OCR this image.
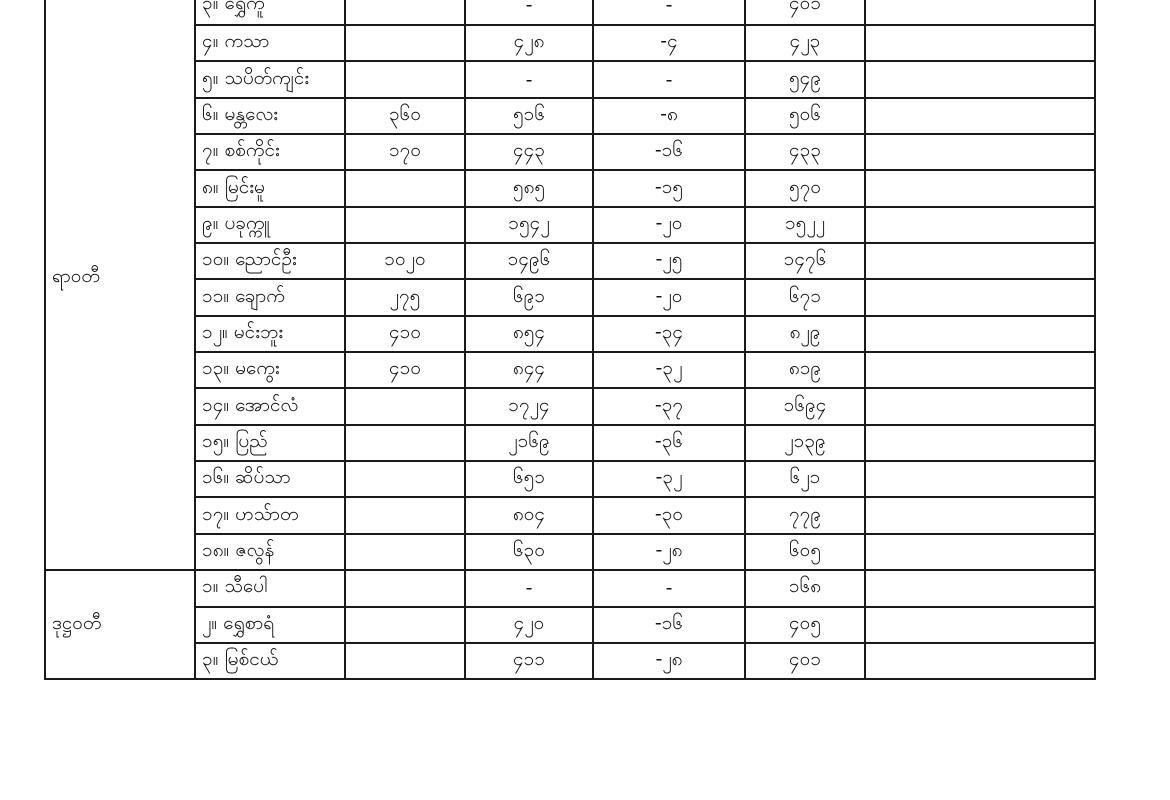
ရာဝတီ	၃။ ရွှေကူ		-	-	၄၀၁	
	၄။ ကသာ		၄၂၈	-၄	၄၂၃	
	၅။ သပိတ်ကျင်း		-	-	၅၄၉	
	၆။ မန္တလေး	၃၆၀	၅၁၆	-၈	၅၀၆	
	၇။ စစ်ကိုင်း	၁၇၀	၄၄၃	-၁၆	၄၃၃	
	၈။ မြင်းမူ		၅၈၅	-၁၅	၅၇၀	
	၉။ ပခုက္ကူ		၁၅၄၂	-၂၀	၁၅၂၂	
	၁၀။ ညောင်ဦး	၁၀၂၀	၁၄၉၆	-၂၅	၁၄၇၆	
	၁၁။ ချောက်	၂၇၅	၆၉၁	-၂၀	၆၇၁	
	၁၂။ မင်းဘူး	၄၁၀	၈၅၄	-၃၄	၈၂၉	
	၁၃။ မကွေး	၄၁၀	၈၄၄	-၃၂	၈၁၉	
	၁၄။ အောင်လံ		၁၇၂၄	-၃၇	၁၆၉၄	
	၁၅။ ပြည်		၂၁၆၉	-၃၆	၂၁၃၉	
	၁၆။ ဆိပ်သာ		၆၅၁	-၃၂	၆၂၁	
	၁၇။ ဟသ်ာတ		၈၀၄	-၃၀	၇၇၉	
	၁၈။ ဇလွန်		၆၃၀	-၂၈	၆၀၅	
ဒုဋ္ဌဝတီ	၁။ သီပေါ		-	-	၁၆၈	
	၂။ ရွှေစာရံ		၄၂၀	-၁၆	၄၀၅	
	၃။ မြစ်ငယ်		၄၁၁	-၂၈	၄၀၁	
